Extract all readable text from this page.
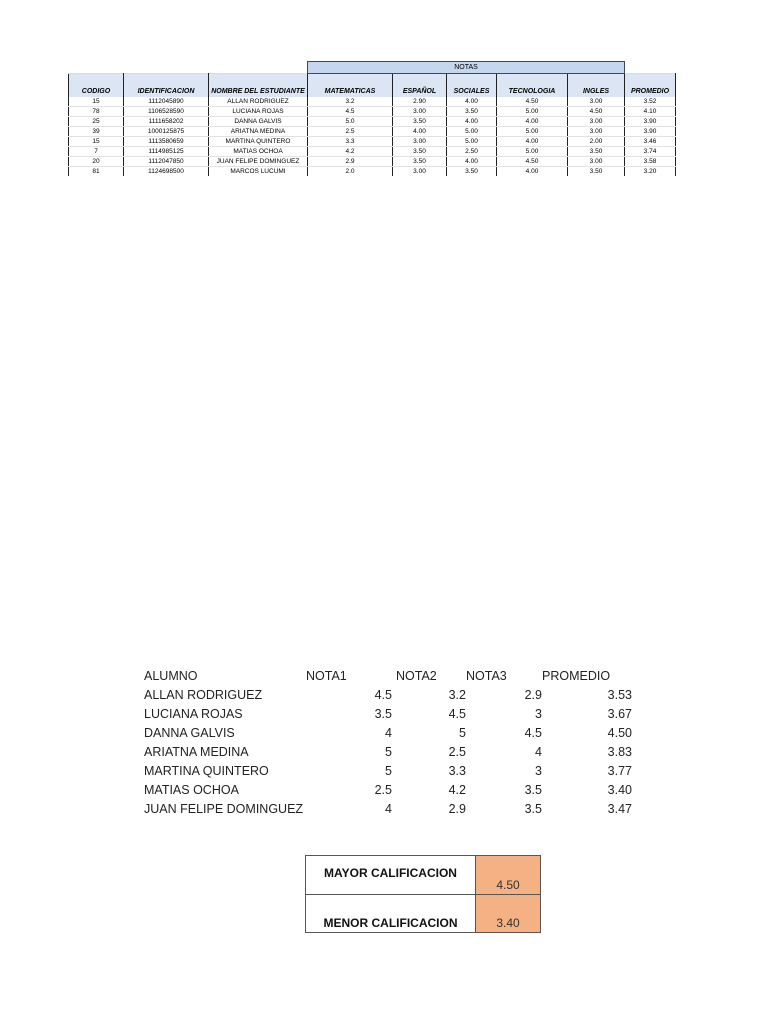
			NOTAS					
CODIGO	IDENTIFICACION	NOMBRE DEL ESTUDIANTE	MATEMATICAS	ESPAÑOL	SOCIALES	TECNOLOGIA	INGLES	PROMEDIO
15	1112045890	ALLAN RODRIGUEZ	3.2	2.90	4.00	4.50	3.00	3.52
78	1106528590	LUCIANA ROJAS	4.5	3.00	3.50	5.00	4.50	4.10
25	1111658202	DANNA GALVIS	5.0	3.50	4.00	4.00	3.00	3.90
39	1000125875	ARIATNA MEDINA	2.5	4.00	5.00	5.00	3.00	3.90
15	1113580659	MARTINA QUINTERO	3.3	3.00	5.00	4.00	2.00	3.46
7	1114985125	MATIAS OCHOA	4.2	3.50	2.50	5.00	3.50	3.74
20	1112047850	JUAN FELIPE DOMINGUEZ	2.9	3.50	4.00	4.50	3.00	3.58
81	1124698500	MARCOS LUCUMI	2.0	3.00	3.50	4.00	3.50	3.20
ALUMNO	NOTA1	NOTA2	NOTA3	PROMEDIO
ALLAN RODRIGUEZ	4.5	3.2	2.9	3.53
LUCIANA ROJAS	3.5	4.5	3	3.67
DANNA GALVIS	4	5	4.5	4.50
ARIATNA MEDINA	5	2.5	4	3.83
MARTINA QUINTERO	5	3.3	3	3.77
MATIAS OCHOA	2.5	4.2	3.5	3.40
JUAN FELIPE DOMINGUEZ	4	2.9	3.5	3.47
MAYOR CALIFICACION	4.50
MENOR CALIFICACION	3.40
